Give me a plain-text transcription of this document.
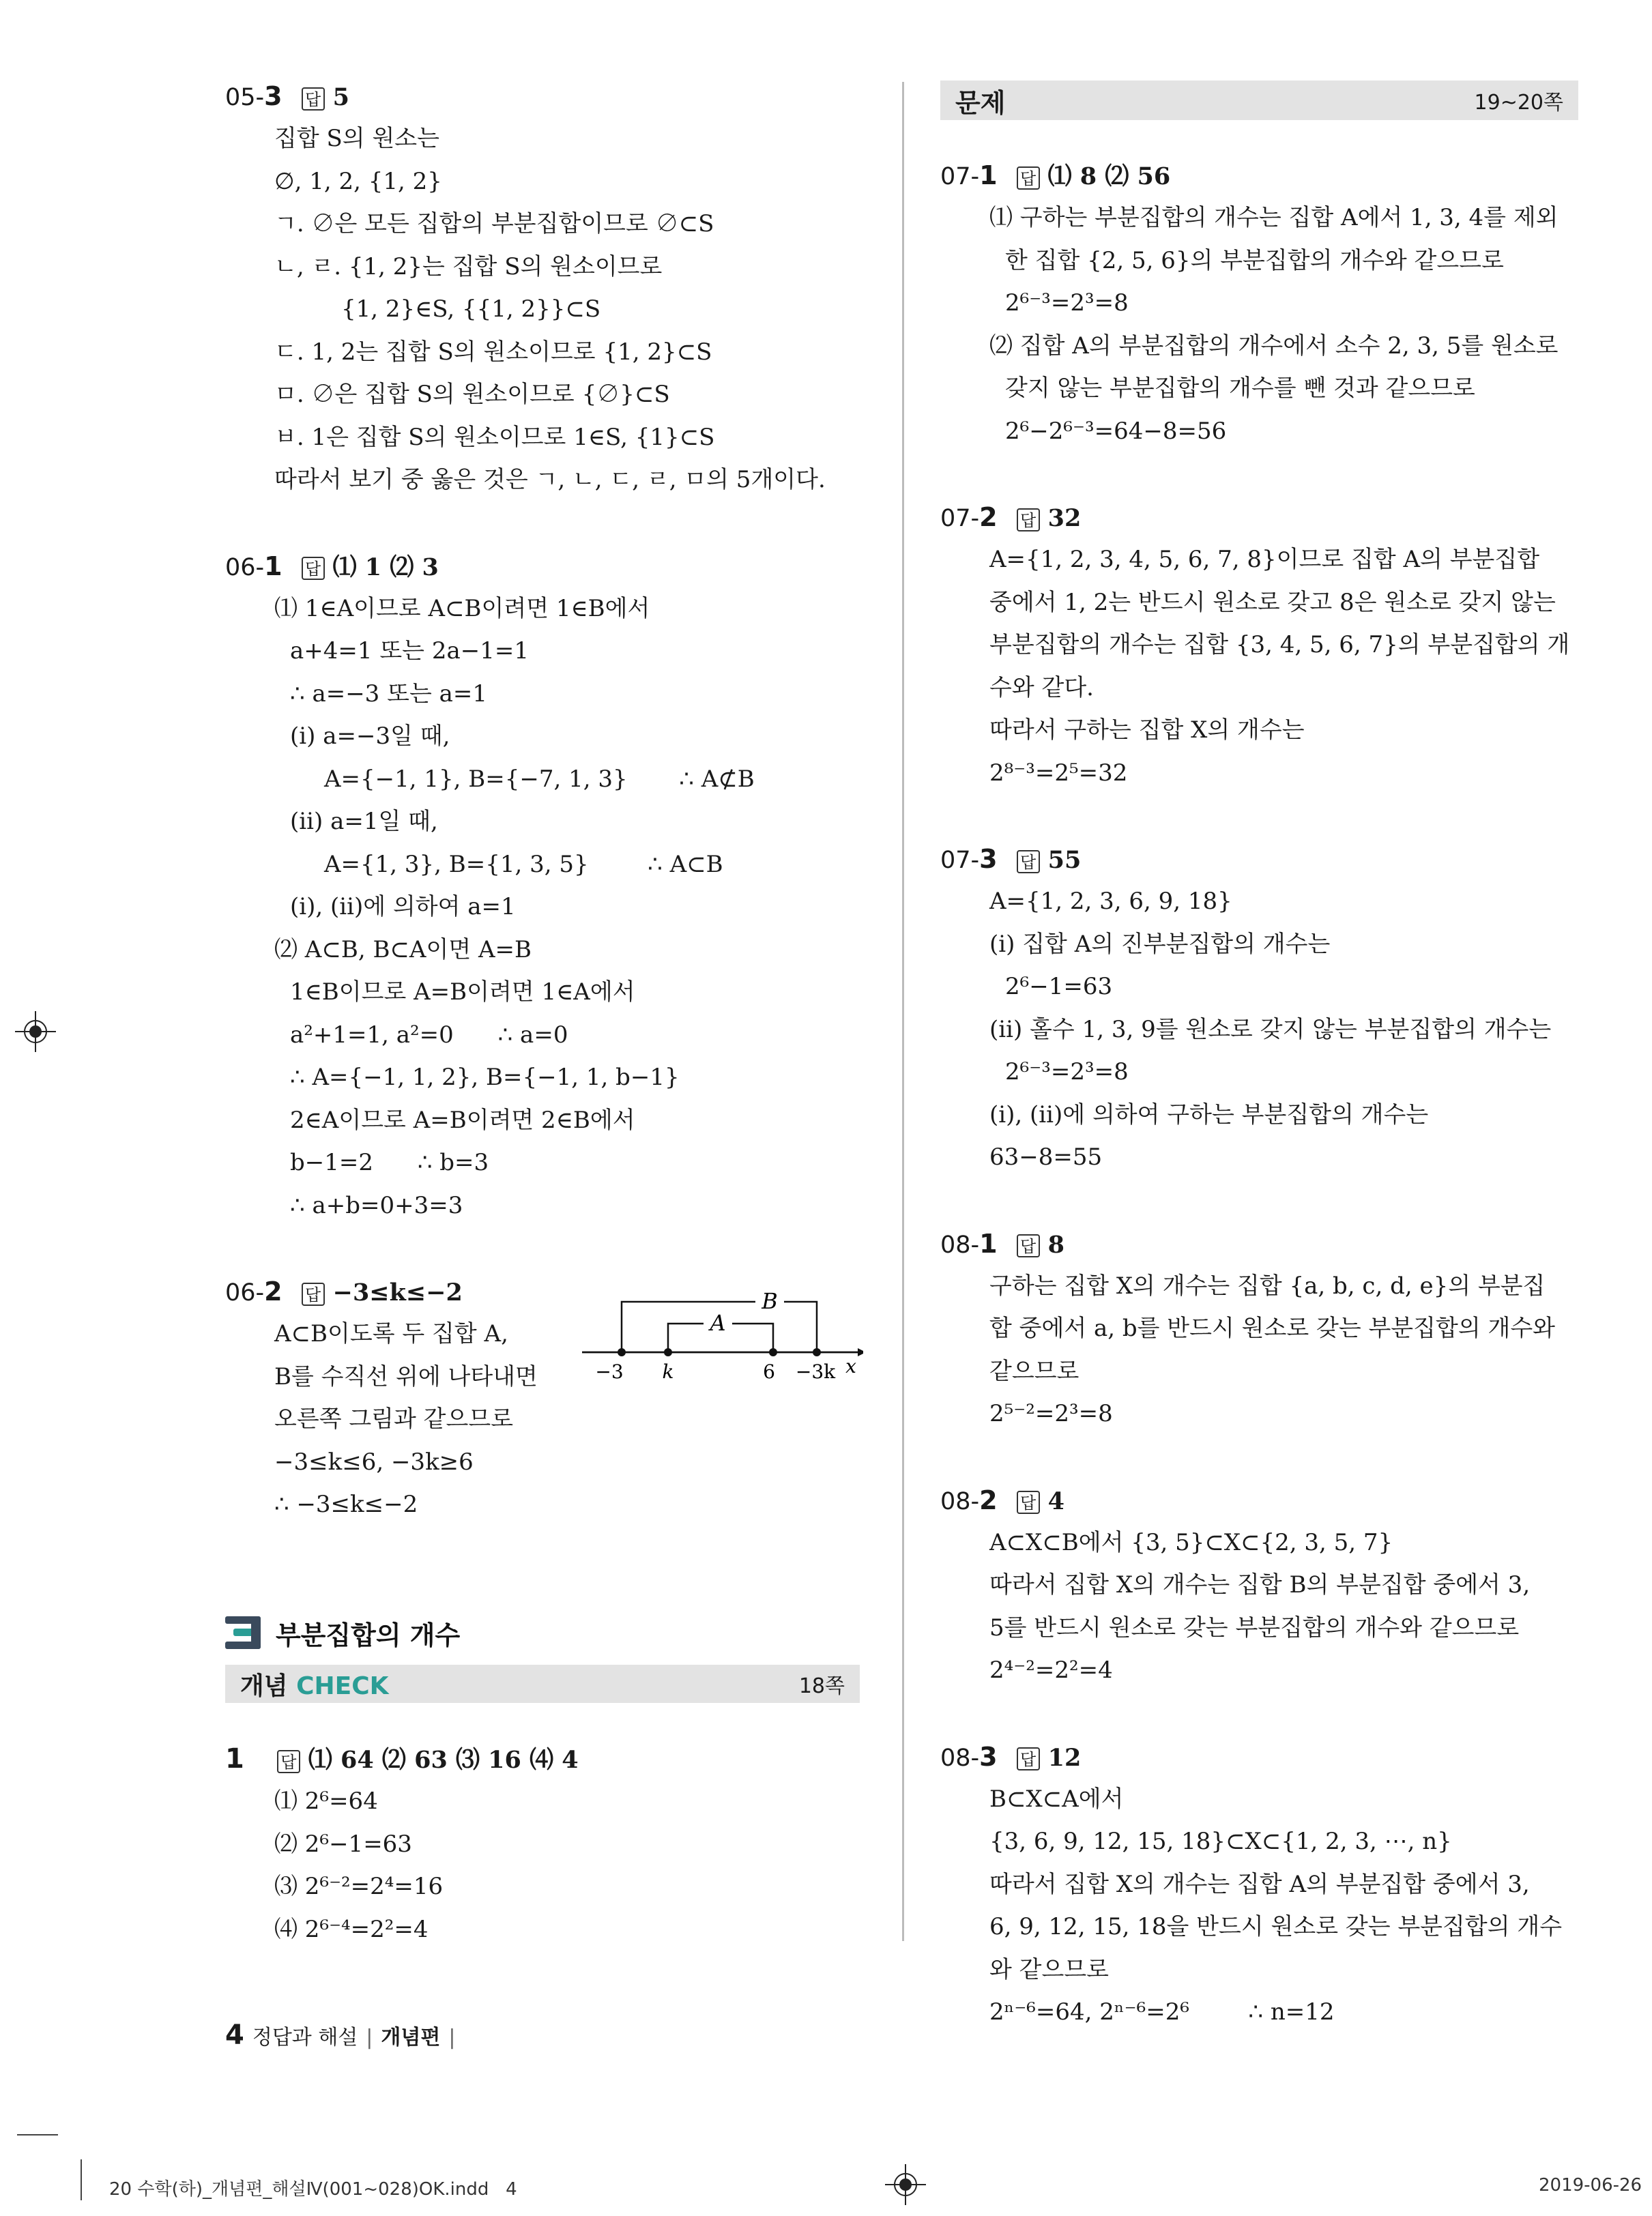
05-3 답 5
집합 S의 원소는
∅, 1, 2, {1, 2}
ㄱ. ∅은 모든 집합의 부분집합이므로 ∅⊂S
ㄴ, ㄹ. {1, 2}는 집합 S의 원소이므로
{1, 2}∈S, {{1, 2}}⊂S
ㄷ. 1, 2는 집합 S의 원소이므로 {1, 2}⊂S
ㅁ. ∅은 집합 S의 원소이므로 {∅}⊂S
ㅂ. 1은 집합 S의 원소이므로 1∈S, {1}⊂S
따라서 보기 중 옳은 것은 ㄱ, ㄴ, ㄷ, ㄹ, ㅁ의 5개이다.
06-1 답 ⑴ 1 ⑵ 3
⑴ 1∈A이므로 A⊂B이려면 1∈B에서
a+4=1 또는 2a−1=1
∴ a=−3 또는 a=1
(ⅰ) a=−3일 때,
A={−1, 1}, B={−7, 1, 3}       ∴ A⊄B
(ⅱ) a=1일 때,
A={1, 3}, B={1, 3, 5}        ∴ A⊂B
(ⅰ), (ⅱ)에 의하여 a=1
⑵ A⊂B, B⊂A이면 A=B
1∈B이므로 A=B이려면 1∈A에서
a²+1=1, a²=0      ∴ a=0
∴ A={−1, 1, 2}, B={−1, 1, b−1}
2∈A이므로 A=B이려면 2∈B에서
b−1=2      ∴ b=3
∴ a+b=0+3=3
06-2 답 −3≤k≤−2
A⊂B이도록 두 집합 A,
B를 수직선 위에 나타내면
오른쪽 그림과 같으므로
−3≤k≤6, −3k≥6
∴ −3≤k≤−2
A
B
−3 k	6 −3k x
부분집합의 개수
개념 CHECK	18쪽
1 답 ⑴ 64 ⑵ 63 ⑶ 16 ⑷ 4
⑴ 2⁶=64
⑵ 2⁶−1=63
⑶ 2⁶⁻²=2⁴=16
⑷ 2⁶⁻⁴=2²=4
문제	19~20쪽
07-1 답 ⑴ 8 ⑵ 56
⑴ 구하는 부분집합의 개수는 집합 A에서 1, 3, 4를 제외
한 집합 {2, 5, 6}의 부분집합의 개수와 같으므로
2⁶⁻³=2³=8
⑵ 집합 A의 부분집합의 개수에서 소수 2, 3, 5를 원소로
갖지 않는 부분집합의 개수를 뺀 것과 같으므로
2⁶−2⁶⁻³=64−8=56
07-2 답 32
A={1, 2, 3, 4, 5, 6, 7, 8}이므로 집합 A의 부분집합
중에서 1, 2는 반드시 원소로 갖고 8은 원소로 갖지 않는
부분집합의 개수는 집합 {3, 4, 5, 6, 7}의 부분집합의 개
수와 같다.
따라서 구하는 집합 X의 개수는
2⁸⁻³=2⁵=32
07-3 답 55
A={1, 2, 3, 6, 9, 18}
(ⅰ) 집합 A의 진부분집합의 개수는
2⁶−1=63
(ⅱ) 홀수 1, 3, 9를 원소로 갖지 않는 부분집합의 개수는
2⁶⁻³=2³=8
(ⅰ), (ⅱ)에 의하여 구하는 부분집합의 개수는
63−8=55
08-1 답 8
구하는 집합 X의 개수는 집합 {a, b, c, d, e}의 부분집
합 중에서 a, b를 반드시 원소로 갖는 부분집합의 개수와
같으므로
2⁵⁻²=2³=8
08-2 답 4
A⊂X⊂B에서 {3, 5}⊂X⊂{2, 3, 5, 7}
따라서 집합 X의 개수는 집합 B의 부분집합 중에서 3,
5를 반드시 원소로 갖는 부분집합의 개수와 같으므로
2⁴⁻²=2²=4
08-3 답 12
B⊂X⊂A에서
{3, 6, 9, 12, 15, 18}⊂X⊂{1, 2, 3, ⋯, n}
따라서 집합 X의 개수는 집합 A의 부분집합 중에서 3,
6, 9, 12, 15, 18을 반드시 원소로 갖는 부분집합의 개수
와 같으므로
2ⁿ⁻⁶=64, 2ⁿ⁻⁶=2⁶        ∴ n=12
4 정답과 해설 | 개념편 |
20 수학(하)_개념편_해설Ⅳ(001~028)OK.indd   4	2019-06-26
